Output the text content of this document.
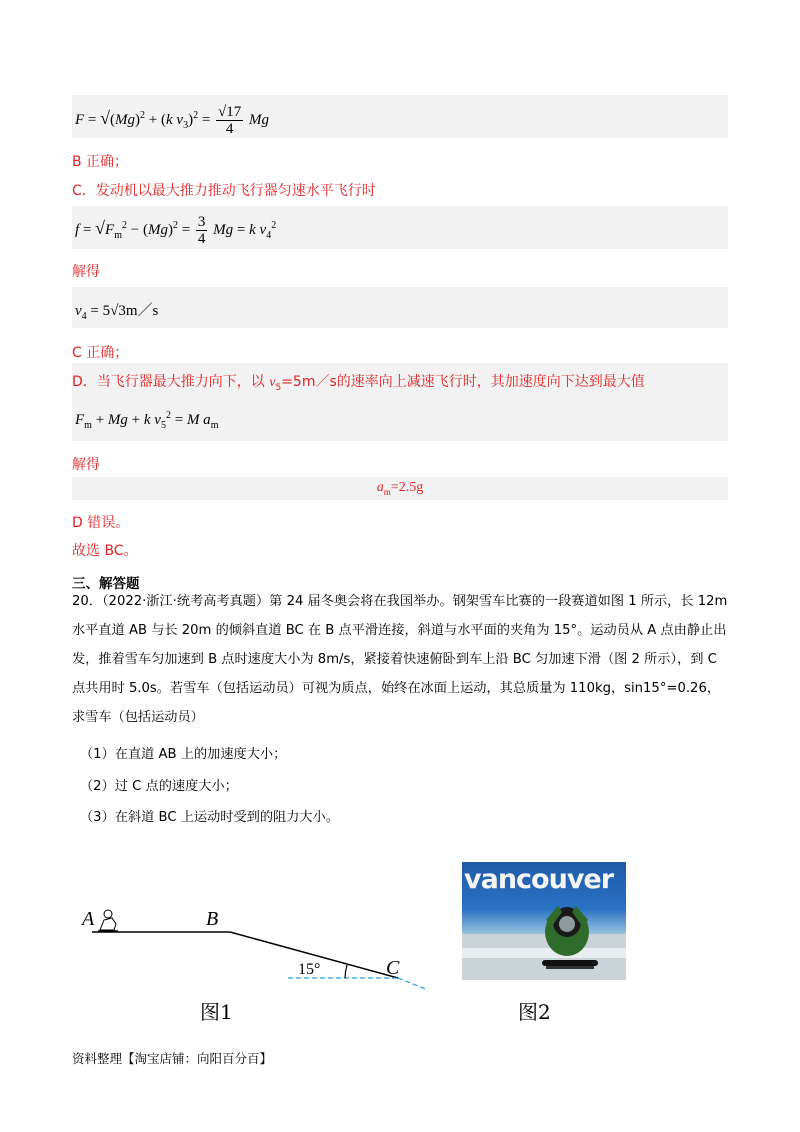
$F = √(Mg)^2 + (k$ $v_3)^2 = \frac{√17}{4}$ Mg
B 正确；
C．发动机以最大推力推动飞行器匀速水平飞行时
$f = √F_m^2 - (Mg)^2 = \frac{3}{4}$ Mg = k $v_4^2$
解得
$v_4$ = 5√3m／s
C 正确；
D．当飞行器最大推力向下，以 $v_5=5m/s$的速率向上减速飞行时，其加速度向下达到最大值
$F_m + Mg + k$ $v_5^2 = M$ $a_m$
解得
$a_m=2.5g$
D 错误。
故选 BC。
三、解答题
20．（2022·浙江·统考高考真题）第 24 届冬奥会将在我国举办。钢架雪车比赛的一段赛道如图 1 所示，长 12m 水平直道 AB 与长 20m 的倾斜直道 BC 在 B 点平滑连接，斜道与水平面的夹角为 15°。运动员从 A 点由静止出发，推着雪车匀加速到 B 点时速度大小为 8m/s，紧接着快速俯卧到车上沿 BC 匀加速下滑（图 2 所示），到 C 点共用时 5.0s。若雪车（包括运动员）可视为质点，始终在冰面上运动，其总质量为 110kg，sin15°=0.26，求雪车（包括运动员）
（1）在直道 AB 上的加速度大小；
（2）过 C 点的速度大小；
（3）在斜道 BC 上运动时受到的阻力大小。
A	B
C
15°
图1
vancouver
图2
资料整理【淘宝店铺：向阳百分百】
